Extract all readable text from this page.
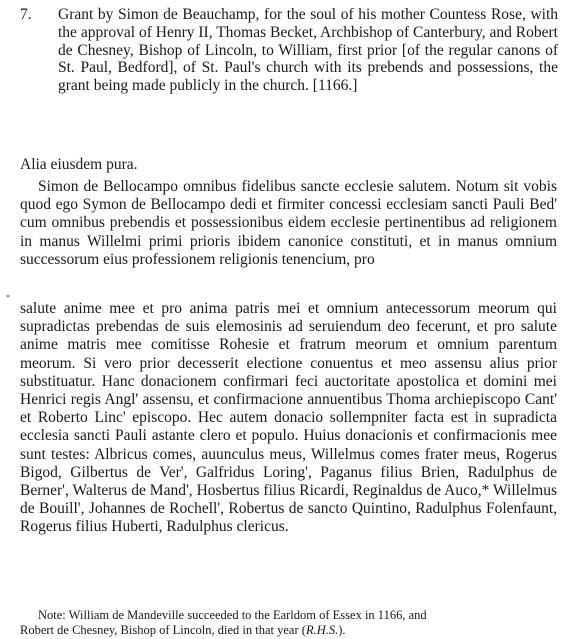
7. Grant by Simon de Beauchamp, for the soul of his mother Countess Rose, with the approval of Henry II, Thomas Becket, Archbishop of Canterbury, and Robert de Chesney, Bishop of Lincoln, to William, first prior [of the regular canons of St. Paul, Bedford], of St. Paul's church with its prebends and possessions, the grant being made publicly in the church. [1166.]
Alia eiusdem pura.

Simon de Bellocampo omnibus fidelibus sancte ecclesie salutem. Notum sit vobis quod ego Symon de Bellocampo dedi et firmiter concessi ecclesiam sancti Pauli Bed' cum omnibus prebendis et possessionibus eidem ecclesie pertinentibus ad religionem in manus Willelmi primi prioris ibidem canonice constituti, et in manus omnium successorum eius professionem religionis tenencium, pro

*

salute anime mee et pro anima patris mei et omnium antecessorum meorum qui supradictas prebendas de suis elemosinis ad seruiendum deo fecerunt, et pro salute anime matris mee comitisse Rohesie et fratrum meorum et omnium parentum meorum. Si vero prior decesserit electione conuentus et meo assensu alius prior substituatur. Hanc donacionem confirmari feci auctoritate apostolica et domini mei Henrici regis Angl' assensu, et confirmacione annuentibus Thoma archiepiscopo Cant' et Roberto Linc' episcopo. Hec autem donacio sollempniter facta est in supradicta ecclesia sancti Pauli astante clero et populo. Huius donacionis et confirmacionis mee sunt testes: Albricus comes, auunculus meus, Willelmus comes frater meus, Rogerus Bigod, Gilbertus de Ver', Galfridus Loring', Paganus filius Brien, Radulphus de Berner', Walterus de Mand', Hosbertus filius Ricardi, Reginaldus de Auco,* Willelmus de Bouill', Johannes de Rochell', Robertus de sancto Quintino, Radulphus Folenfaunt, Rogerus filius Huberti, Radulphus clericus.

Note: William de Mandeville succeeded to the Earldom of Essex in 1166, and
Robert de Chesney, Bishop of Lincoln, died in that year (R.H.S.).
